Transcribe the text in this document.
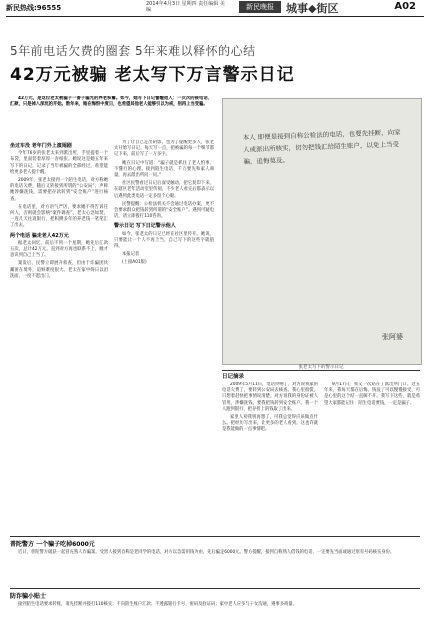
新民热线:96555	2014年4月3日 星期四 责任编辑 美编	新民晚报	城事◆街区	A02
5年前电话欠费的圈套 5年来难以释怀的心结
42万元被骗 老太写下万言警示日记

42万元，是这位老太被骗子一番子骗光的养老积蓄。如今，她写下日记警醒他人：一次次的接电话、汇款，只是掉入深坑的开始。数年来，她在悔恨中度日，也希望其他老人能够引以为戒，别再上当受骗。

坐过车没 老年门外上演闹剧

今年76岁的张老太来到派出所，手里提着一个布袋，里面装着厚厚一沓纸张。她说这是她五年来写下的日记，记录了当年被骗的全部经过，希望能给更多老人提个醒。

2009年，张老太接到一个陌生电话，对方称她的电话欠费，随后又转接到所谓的“公安局”，声称她涉嫌洗钱，需要把存款转到“安全账户”进行核查。

在电话里，对方语气严厉，要求她不得告诉任何人，否则就会影响“案件调查”。老太心急如焚，一连几天往返银行，把积攒多年的养老钱一笔笔汇了出去。

两个电话 骗走老人42万元

据老太回忆，前后不到一个星期，她先后汇款五次，总计42万元。直到对方再也联系不上，她才意识到自己上当了。

案发后，民警立即展开侦查，但由于诈骗团伙藏匿在境外，追赃难度很大。老太在家中终日以泪洗面，一度不愿出门。

为了让自己走出阴影，也为了提醒更多人，张老太开始写日记。每天写一点，把被骗的每一个细节都记下来，前后写了一万多字。

她在日记中写道：“骗子就是抓住了老人怕事、不懂行的心理。接到陌生电话，千万要先和家人商量，再去派出所问一问。”

社区民警看过日记后深受触动，把它复印下来，在辖区老年活动室里传阅，不少老人看完后都表示以后遇到此类电话一定多留个心眼。

民警提醒：公检法机关不会通过电话办案，更不会要求群众把钱转到所谓的“安全账户”。遇到可疑电话，请立即拨打110咨询。

警示日记 写下日记警示他人

如今，张老太的日记已经在社区里传开。她说，只要能让一个人不再上当，自己写下的这些字就值得。

本报记者

(上接A01版)

本人 即便是接到自称公检法的电话，也要先挂断，向家人或派出所核实，切勿把钱汇给陌生账户，以免上当受骗，追悔莫及。
张阿婆
张老太写下的警示日记
日记摘录

2009年5月11日，电话铃响了，对方说我家的电话欠费了，要转到公安局去核查。我心里很慌，只想着赶快把事情说清楚。对方说我的身份证被人冒用，涉嫌洗钱，要我把钱转到安全账户。我一个人跑到银行，把存折上的钱取了出来。

家里人劝我别再想了，可我总觉得应该做点什么。把经历写出来，让更多的老人看到，这也许就是我能做的一点事情吧。

9月17日，我又一次站在了派出所门口。这五年来，我每天都在后悔。钱没了可以慢慢接受，可是心里的这个结一直解不开。我写下这些，就是希望大家都能记住：陌生电话要钱，一定是骗子。

普陀警方 一个骗子吃掉6000元

近日，普陀警方破获一起冒充熟人诈骗案。受害人接到自称是老同学的电话，对方以急需用钱为由，先后骗走6000元。警方提醒，接到自称熟人借钱的电话，一定要先当面或通过原有号码核实身份。

防诈骗小贴士

接到陌生电话要求转账，请先挂断并拨打110核实；不向陌生账户汇款；不透露银行卡号、密码及验证码；家中老人应多与子女沟通，遇事多商量。
